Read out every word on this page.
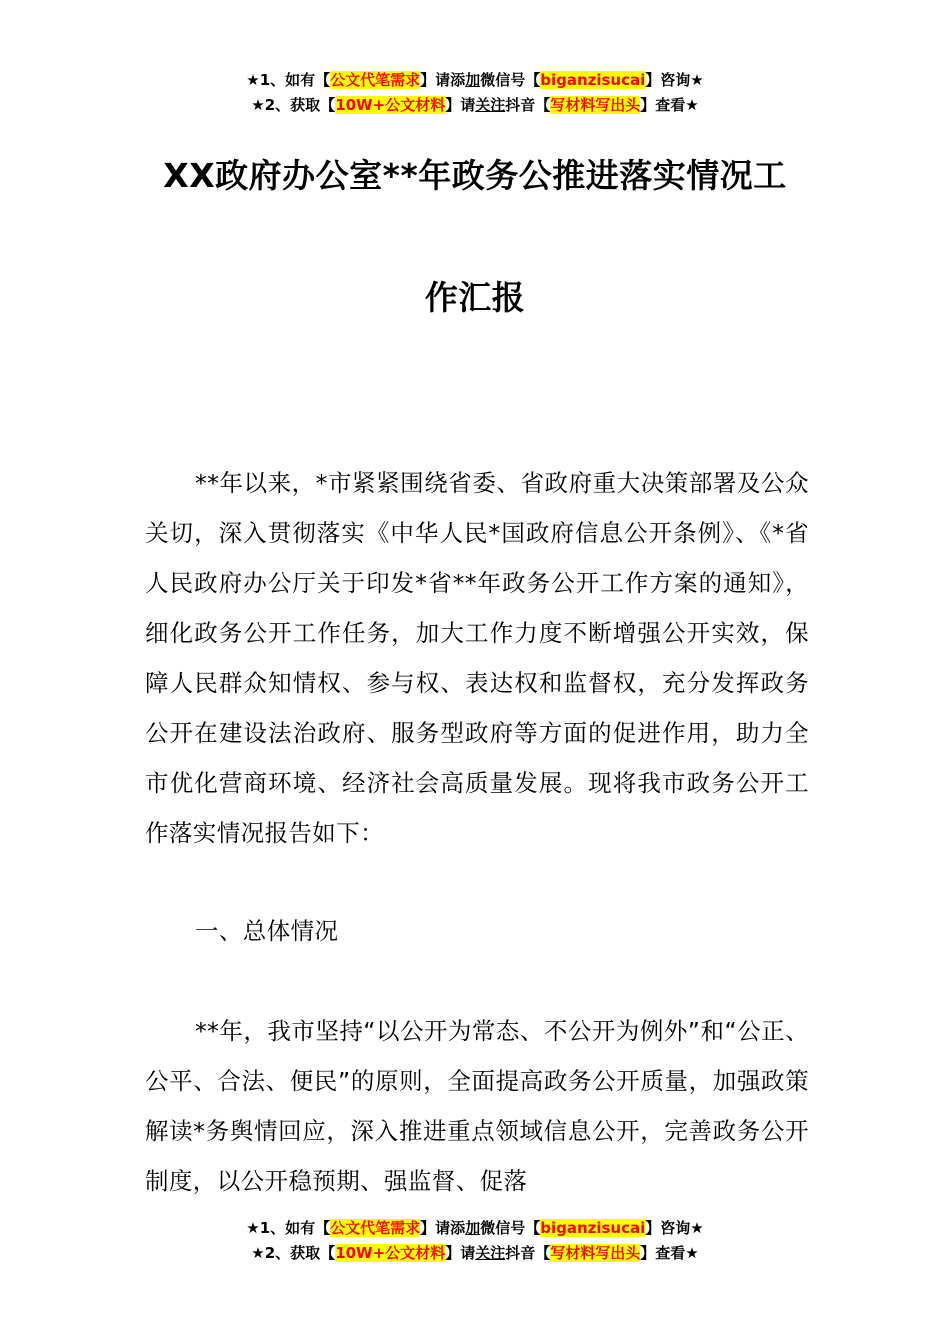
★1、如有【公文代笔需求】请添加微信号【biganzisucai】咨询★
★2、获取【10W+公文材料】请关注抖音【写材料写出头】查看★
XX政府办公室**年政务公推进落实情况工
作汇报
**年以来，*市紧紧围绕省委、省政府重大决策部署及公众关切，深入贯彻落实《中华人民*国政府信息公开条例》、《*省人民政府办公厅关于印发*省**年政务公开工作方案的通知》，细化政务公开工作任务，加大工作力度不断增强公开实效，保障人民群众知情权、参与权、表达权和监督权，充分发挥政务公开在建设法治政府、服务型政府等方面的促进作用，助力全市优化营商环境、经济社会高质量发展。现将我市政务公开工作落实情况报告如下：
一、总体情况
**年，我市坚持“以公开为常态、不公开为例外”和“公正、公平、合法、便民”的原则，全面提高政务公开质量，加强政策解读*务舆情回应，深入推进重点领域信息公开，完善政务公开制度，以公开稳预期、强监督、促落
★1、如有【公文代笔需求】请添加微信号【biganzisucai】咨询★
★2、获取【10W+公文材料】请关注抖音【写材料写出头】查看★
